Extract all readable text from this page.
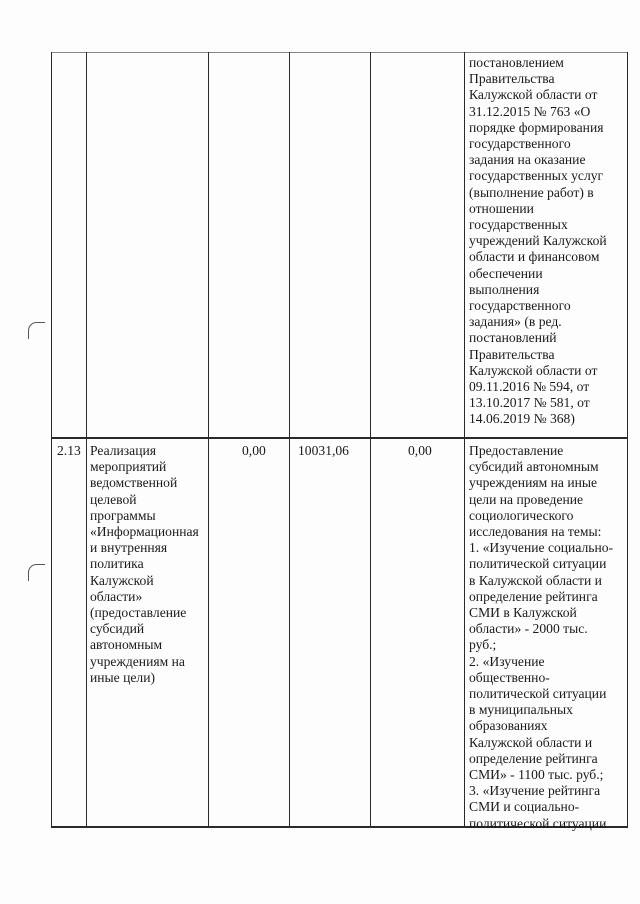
постановлением
Правительства
Калужской области от
31.12.2015 № 763 «О
порядке формирования
государственного
задания на оказание
государственных услуг
(выполнение работ) в
отношении
государственных
учреждений Калужской
области и финансовом
обеспечении
выполнения
государственного
задания» (в ред.
постановлений
Правительства
Калужской области от
09.11.2016 № 594, от
13.10.2017 № 581, от
14.06.2019 № 368)
2.13 Реализация
мероприятий
ведомственной
целевой
программы
«Информационная
и внутренняя
политика
Калужской
области»
(предоставление
субсидий
автономным
учреждениям на
иные цели)
0,00 10031,06	0,00	Предоставление
субсидий автономным
учреждениям на иные
цели на проведение
социологического
исследования на темы:
1. «Изучение социально-
политической ситуации
в Калужской области и
определение рейтинга
СМИ в Калужской
области» - 2000 тыс.
руб.;
2. «Изучение
общественно-
политической ситуации
в муниципальных
образованиях
Калужской области и
определение рейтинга
СМИ» - 1100 тыс. руб.;
3. «Изучение рейтинга
СМИ и социально-
политической ситуации
